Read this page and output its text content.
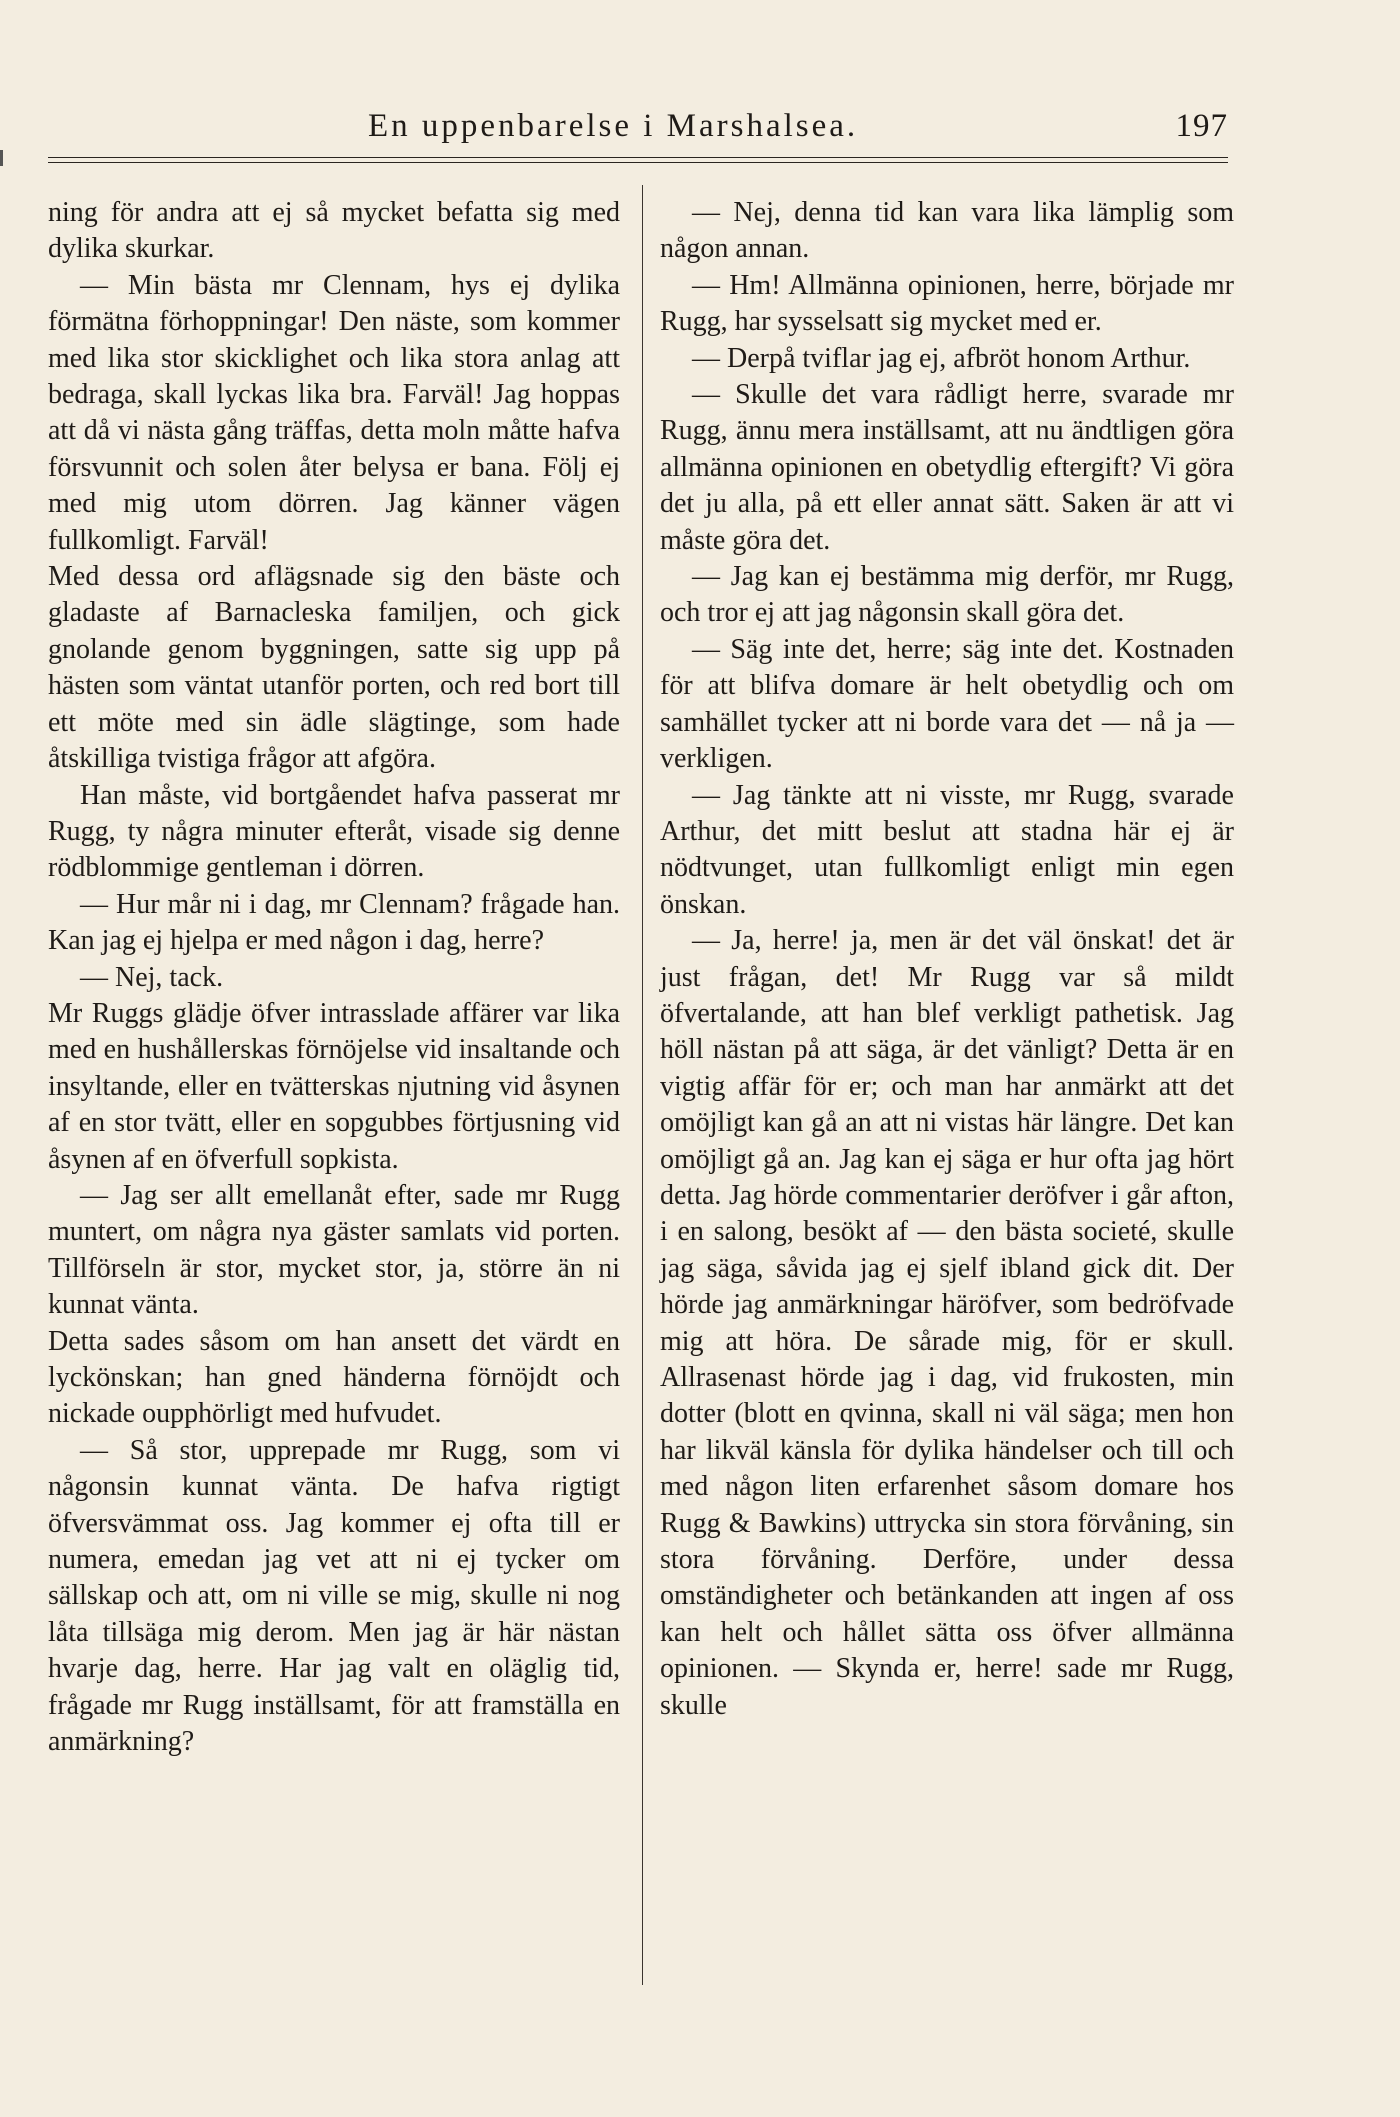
En uppenbarelse i Marshalsea.	197

ning för andra att ej så mycket befatta sig med dylika skurkar.

— Min bästa mr Clennam, hys ej dylika förmätna förhoppningar! Den näste, som kommer med lika stor skicklighet och lika stora anlag att bedraga, skall lyckas lika bra. Farväl! Jag hoppas att då vi nästa gång träffas, detta moln måtte hafva försvunnit och solen åter belysa er bana. Följ ej med mig utom dörren. Jag känner vägen fullkomligt. Farväl!

Med dessa ord aflägsnade sig den bäste och gladaste af Barnacleska familjen, och gick gnolande genom byggningen, satte sig upp på hästen som väntat utanför porten, och red bort till ett möte med sin ädle slägtinge, som hade åtskilliga tvistiga frågor att afgöra.

Han måste, vid bortgåendet hafva passerat mr Rugg, ty några minuter efteråt, visade sig denne rödblommige gentleman i dörren.

— Hur mår ni i dag, mr Clennam? frågade han. Kan jag ej hjelpa er med någon i dag, herre?

— Nej, tack.

Mr Ruggs glädje öfver intrasslade affärer var lika med en hushållerskas förnöjelse vid insaltande och insyltande, eller en tvätterskas njutning vid åsynen af en stor tvätt, eller en sopgubbes förtjusning vid åsynen af en öfverfull sopkista.

— Jag ser allt emellanåt efter, sade mr Rugg muntert, om några nya gäster samlats vid porten. Tillförseln är stor, mycket stor, ja, större än ni kunnat vänta.

Detta sades såsom om han ansett det värdt en lyckönskan; han gned händerna förnöjdt och nickade oupphörligt med hufvudet.

— Så stor, upprepade mr Rugg, som vi någonsin kunnat vänta. De hafva rigtigt öfversvämmat oss. Jag kommer ej ofta till er numera, emedan jag vet att ni ej tycker om sällskap och att, om ni ville se mig, skulle ni nog låta tillsäga mig derom. Men jag är här nästan hvarje dag, herre. Har jag valt en oläglig tid, frågade mr Rugg inställsamt, för att framställa en anmärkning?

— Nej, denna tid kan vara lika lämplig som någon annan.

— Hm! Allmänna opinionen, herre, började mr Rugg, har sysselsatt sig mycket med er.

— Derpå tviflar jag ej, afbröt honom Arthur.

— Skulle det vara rådligt herre, svarade mr Rugg, ännu mera inställsamt, att nu ändtligen göra allmänna opinionen en obetydlig eftergift? Vi göra det ju alla, på ett eller annat sätt. Saken är att vi måste göra det.

— Jag kan ej bestämma mig derför, mr Rugg, och tror ej att jag någonsin skall göra det.

— Säg inte det, herre; säg inte det. Kostnaden för att blifva domare är helt obetydlig och om samhället tycker att ni borde vara det — nå ja — verkligen.

— Jag tänkte att ni visste, mr Rugg, svarade Arthur, det mitt beslut att stadna här ej är nödtvunget, utan fullkomligt enligt min egen önskan.

— Ja, herre! ja, men är det väl önskat! det är just frågan, det! Mr Rugg var så mildt öfvertalande, att han blef verkligt pathetisk. Jag höll nästan på att säga, är det vänligt? Detta är en vigtig affär för er; och man har anmärkt att det omöjligt kan gå an att ni vistas här längre. Det kan omöjligt gå an. Jag kan ej säga er hur ofta jag hört detta. Jag hörde commentarier deröfver i går afton, i en salong, besökt af — den bästa societé, skulle jag säga, såvida jag ej sjelf ibland gick dit. Der hörde jag anmärkningar häröfver, som bedröfvade mig att höra. De sårade mig, för er skull. Allrasenast hörde jag i dag, vid frukosten, min dotter (blott en qvinna, skall ni väl säga; men hon har likväl känsla för dylika händelser och till och med någon liten erfarenhet såsom domare hos Rugg & Bawkins) uttrycka sin stora förvåning, sin stora förvåning. Derföre, under dessa omständigheter och betänkanden att ingen af oss kan helt och hållet sätta oss öfver allmänna opinionen. — Skynda er, herre! sade mr Rugg, skulle
